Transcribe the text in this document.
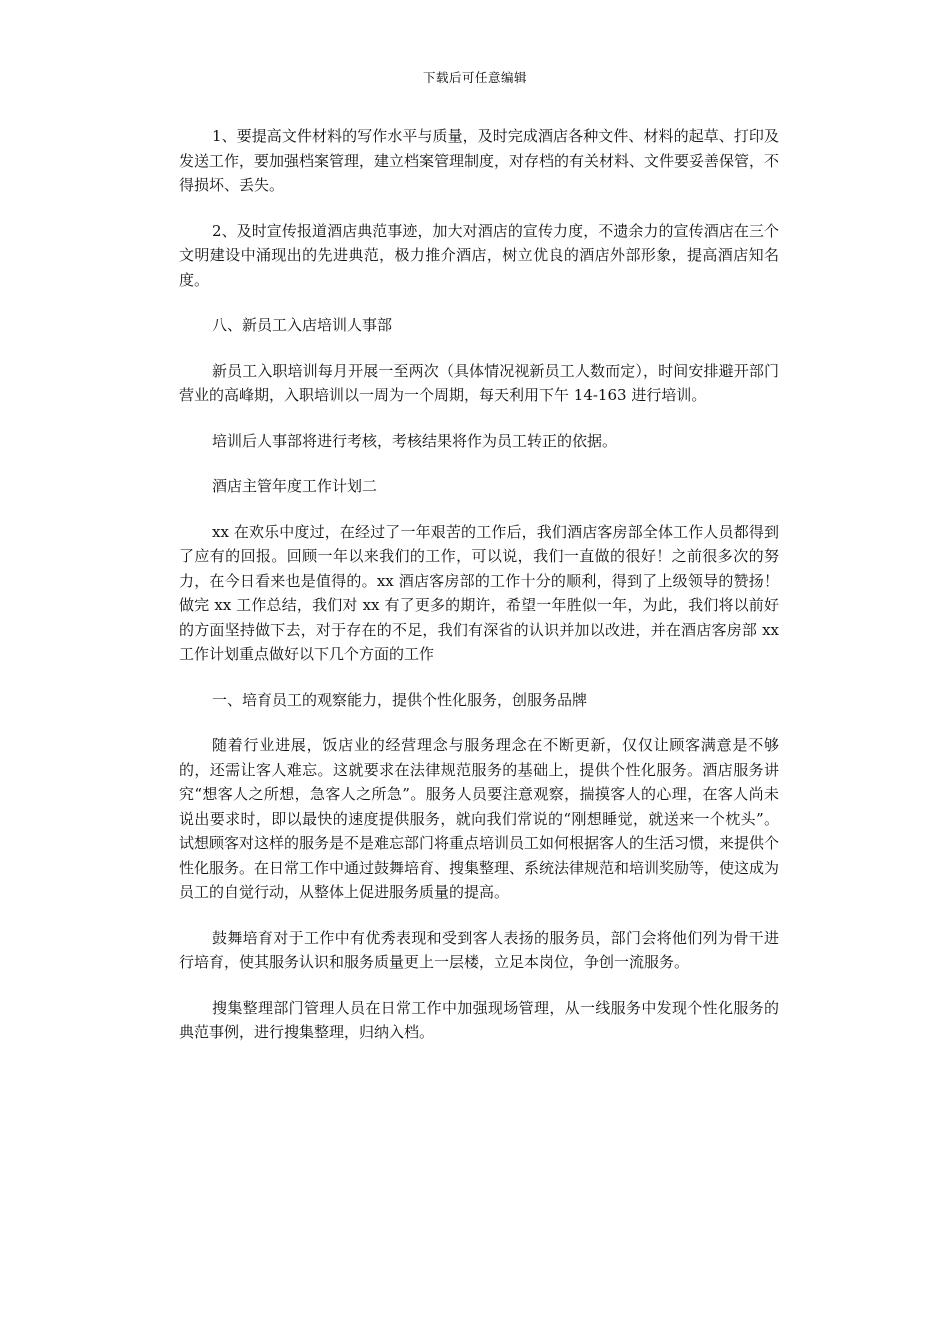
下载后可任意编辑

1、要提高文件材料的写作水平与质量，及时完成酒店各种文件、材料的起草、打印及发送工作，要加强档案管理，建立档案管理制度，对存档的有关材料、文件要妥善保管，不得损坏、丢失。

2、及时宣传报道酒店典范事迹，加大对酒店的宣传力度，不遗余力的宣传酒店在三个文明建设中涌现出的先进典范，极力推介酒店，树立优良的酒店外部形象，提高酒店知名度。

八、新员工入店培训人事部

新员工入职培训每月开展一至两次（具体情况视新员工人数而定），时间安排避开部门营业的高峰期，入职培训以一周为一个周期，每天利用下午 14-163 进行培训。

培训后人事部将进行考核，考核结果将作为员工转正的依据。

酒店主管年度工作计划二

xx 在欢乐中度过，在经过了一年艰苦的工作后，我们酒店客房部全体工作人员都得到了应有的回报。回顾一年以来我们的工作，可以说，我们一直做的很好！之前很多次的努力，在今日看来也是值得的。xx 酒店客房部的工作十分的顺利，得到了上级领导的赞扬！做完 xx 工作总结，我们对 xx 有了更多的期许，希望一年胜似一年，为此，我们将以前好的方面坚持做下去，对于存在的不足，我们有深省的认识并加以改进，并在酒店客房部 xx 工作计划重点做好以下几个方面的工作

一、培育员工的观察能力，提供个性化服务，创服务品牌

随着行业进展，饭店业的经营理念与服务理念在不断更新，仅仅让顾客满意是不够的，还需让客人难忘。这就要求在法律规范服务的基础上，提供个性化服务。酒店服务讲究“想客人之所想，急客人之所急”。服务人员要注意观察，揣摸客人的心理，在客人尚未说出要求时，即以最快的速度提供服务，就向我们常说的“刚想睡觉，就送来一个枕头”。试想顾客对这样的服务是不是难忘部门将重点培训员工如何根据客人的生活习惯，来提供个性化服务。在日常工作中通过鼓舞培育、搜集整理、系统法律规范和培训奖励等，使这成为员工的自觉行动，从整体上促进服务质量的提高。

鼓舞培育对于工作中有优秀表现和受到客人表扬的服务员，部门会将他们列为骨干进行培育，使其服务认识和服务质量更上一层楼，立足本岗位，争创一流服务。

搜集整理部门管理人员在日常工作中加强现场管理，从一线服务中发现个性化服务的典范事例，进行搜集整理，归纳入档。
